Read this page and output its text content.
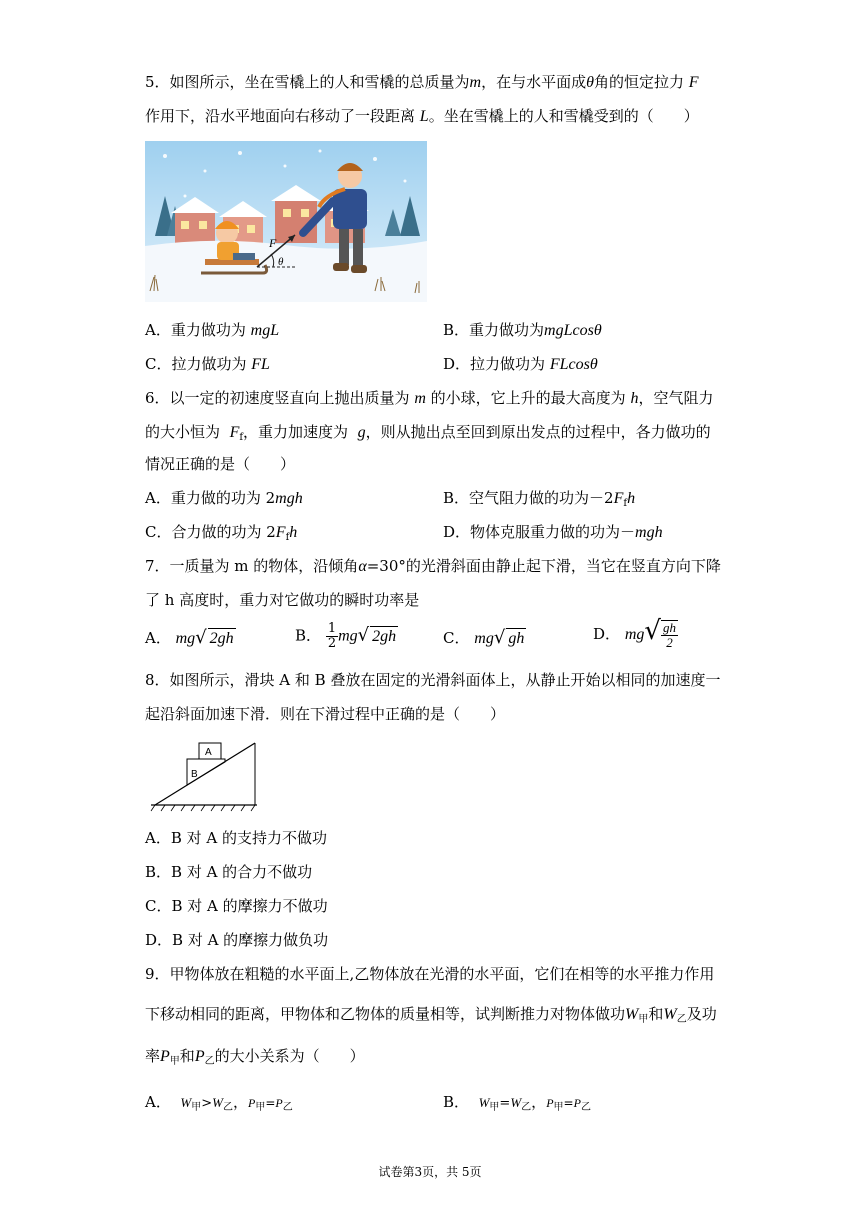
5．如图所示，坐在雪橇上的人和雪橇的总质量为m，在与水平面成θ角的恒定拉力 F
作用下，沿水平地面向右移动了一段距离 L。坐在雪橇上的人和雪橇受到的（　　）
F
θ
A．重力做功为 mgL	B．重力做功为mgLcosθ
C．拉力做功为 FL	D．拉力做功为 FLcosθ
6．以一定的初速度竖直向上抛出质量为 m 的小球，它上升的最大高度为 h，空气阻力
的大小恒为 $F_f$，重力加速度为 g，则从抛出点至回到原出发点的过程中，各力做功的
情况正确的是（　　）
A．重力做的功为 2mgh	B．空气阻力做的功为$-2F_fh$
C．合力做的功为 $2F_fh$	D．物体克服重力做的功为－mgh
7．一质量为 m 的物体，沿倾角α=30°的光滑斜面由静止起下滑，当它在竖直方向下降
了 h 高度时，重力对它做功的瞬时功率是
A． mg√ 2gh	B． $\frac{1}{2} mg√$ 2gh	C． mg√ gh	D． $mg√ \frac{gh}{2}$
8．如图所示，滑块 A 和 B 叠放在固定的光滑斜面体上，从静止开始以相同的加速度一
起沿斜面加速下滑．则在下滑过程中正确的是（　　）
B
A
A．B 对 A 的支持力不做功
B．B 对 A 的合力不做功
C．B 对 A 的摩擦力不做功
D．B 对 A 的摩擦力做负功
9．甲物体放在粗糙的水平面上,乙物体放在光滑的水平面，它们在相等的水平推力作用
下移动相同的距离，甲物体和乙物体的质量相等，试判断推力对物体做功$W_甲$和$W_乙$及功
率$P_甲$和$P_乙$的大小关系为（　　）
A． $W_甲>W_乙$，$P_甲=P_乙$	B． $W_甲=W_乙$，$P_甲=P_乙$
试卷第3页，共 5页
